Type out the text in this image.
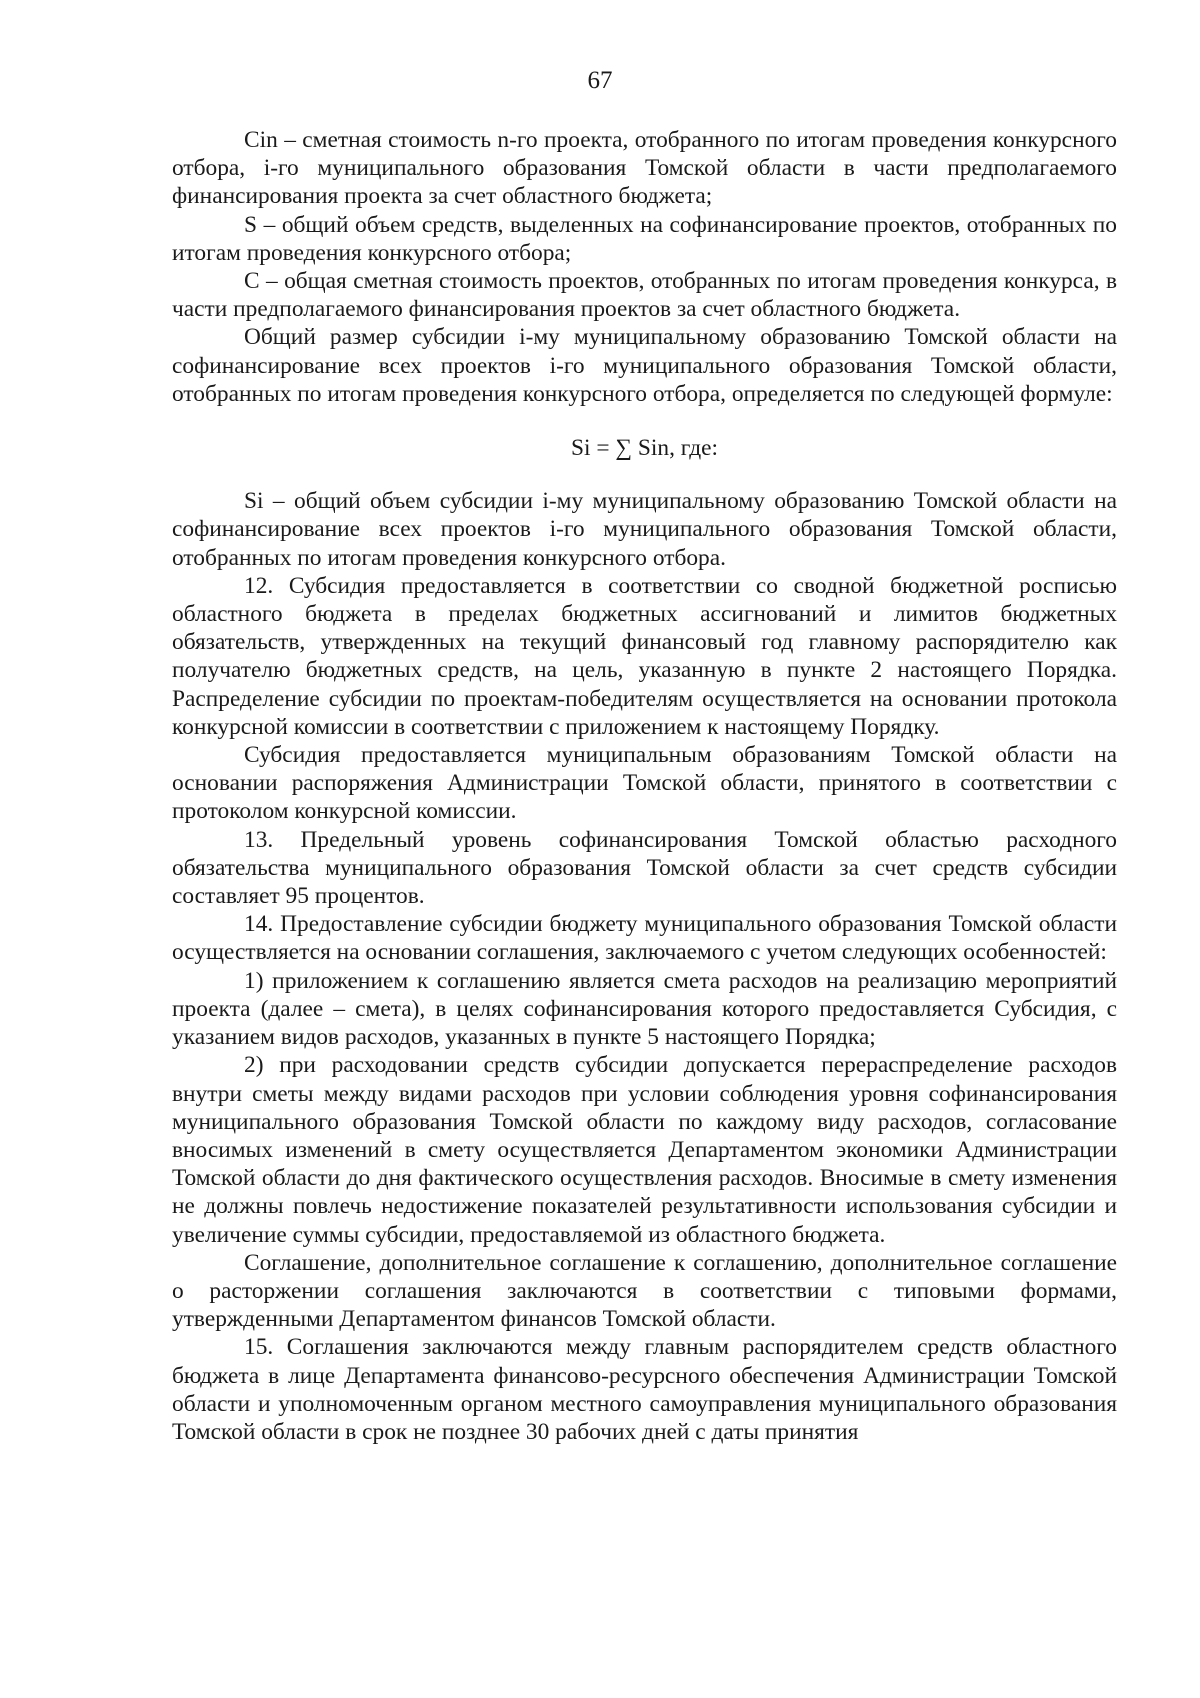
67

Cin – сметная стоимость n-го проекта, отобранного по итогам проведения конкурсного отбора, i-го муниципального образования Томской области в части предполагаемого финансирования проекта за счет областного бюджета;

S – общий объем средств, выделенных на софинансирование проектов, отобранных по итогам проведения конкурсного отбора;

С – общая сметная стоимость проектов, отобранных по итогам проведения конкурса, в части предполагаемого финансирования проектов за счет областного бюджета.

Общий размер субсидии i-му муниципальному образованию Томской области на софинансирование всех проектов i-го муниципального образования Томской области, отобранных по итогам проведения конкурсного отбора, определяется по следующей формуле:

Si = ∑ Sin, где:

Si – общий объем субсидии i-му муниципальному образованию Томской области на софинансирование всех проектов i-го муниципального образования Томской области, отобранных по итогам проведения конкурсного отбора.

12. Субсидия предоставляется в соответствии со сводной бюджетной росписью областного бюджета в пределах бюджетных ассигнований и лимитов бюджетных обязательств, утвержденных на текущий финансовый год главному распорядителю как получателю бюджетных средств, на цель, указанную в пункте 2 настоящего Порядка. Распределение субсидии по проектам-победителям осуществляется на основании протокола конкурсной комиссии в соответствии с приложением к настоящему Порядку.

Субсидия предоставляется муниципальным образованиям Томской области на основании распоряжения Администрации Томской области, принятого в соответствии с протоколом конкурсной комиссии.

13. Предельный уровень софинансирования Томской областью расходного обязательства муниципального образования Томской области за счет средств субсидии составляет 95 процентов.

14. Предоставление субсидии бюджету муниципального образования Томской области осуществляется на основании соглашения, заключаемого с учетом следующих особенностей:

1) приложением к соглашению является смета расходов на реализацию мероприятий проекта (далее – смета), в целях софинансирования которого предоставляется Субсидия, с указанием видов расходов, указанных в пункте 5 настоящего Порядка;

2) при расходовании средств субсидии допускается перераспределение расходов внутри сметы между видами расходов при условии соблюдения уровня софинансирования муниципального образования Томской области по каждому виду расходов, согласование вносимых изменений в смету осуществляется Департаментом экономики Администрации Томской области до дня фактического осуществления расходов. Вносимые в смету изменения не должны повлечь недостижение показателей результативности использования субсидии и увеличение суммы субсидии, предоставляемой из областного бюджета.

Соглашение, дополнительное соглашение к соглашению, дополнительное соглашение о расторжении соглашения заключаются в соответствии с типовыми формами, утвержденными Департаментом финансов Томской области.

15. Соглашения заключаются между главным распорядителем средств областного бюджета в лице Департамента финансово-ресурсного обеспечения Администрации Томской области и уполномоченным органом местного самоуправления муниципального образования Томской области в срок не позднее 30 рабочих дней с даты принятия
